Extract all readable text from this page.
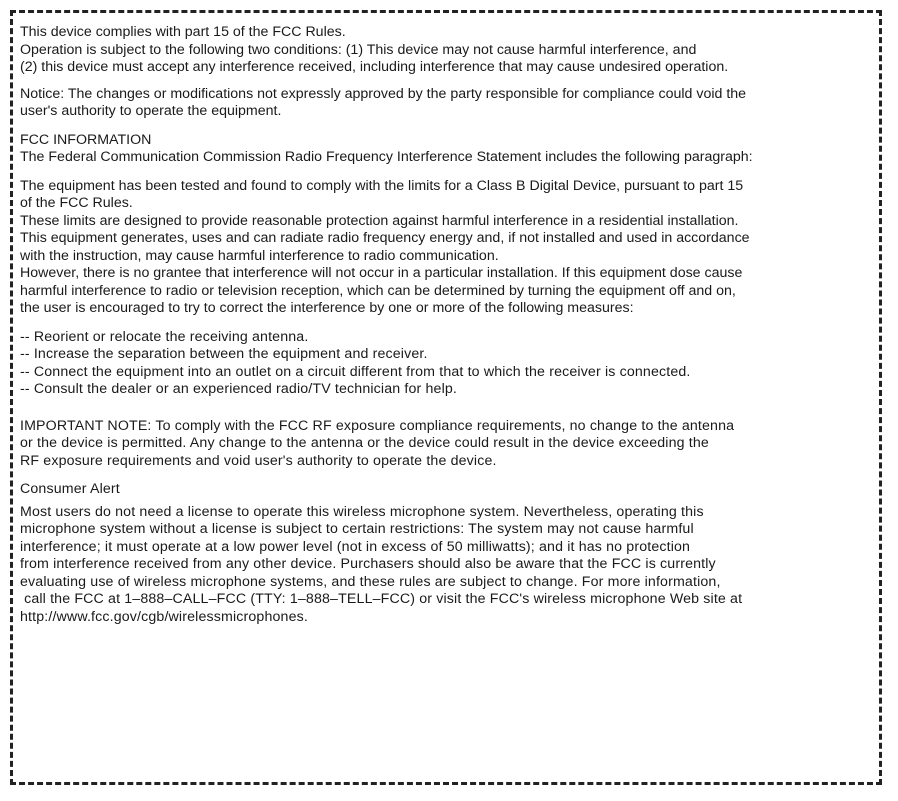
This device complies with part 15 of the FCC Rules.

Operation is subject to the following two conditions: (1) This device may not cause harmful interference, and

(2) this device must accept any interference received, including interference that may cause undesired operation.

Notice: The changes or modifications not expressly approved by the party responsible for compliance could void the

user's authority to operate the equipment.

FCC INFORMATION

The Federal Communication Commission Radio Frequency Interference Statement includes the following paragraph:

The equipment has been tested and found to comply with the limits for a Class B Digital Device, pursuant to part 15

of the FCC Rules.

These limits are designed to provide reasonable protection against harmful interference in a residential installation.

This equipment generates, uses and can radiate radio frequency energy and, if not installed and used in accordance

with the instruction, may cause harmful interference to radio communication.

However, there is no grantee that interference will not occur in a particular installation. If this equipment dose cause

harmful interference to radio or television reception, which can be determined by turning the equipment off and on,

the user is encouraged to try to correct the interference by one or more of the following measures:

-- Reorient or relocate the receiving antenna.

-- Increase the separation between the equipment and receiver.

-- Connect the equipment into an outlet on a circuit different from that to which the receiver is connected.

-- Consult the dealer or an experienced radio/TV technician for help.

IMPORTANT NOTE: To comply with the FCC RF exposure compliance requirements, no change to the antenna

or the device is permitted. Any change to the antenna or the device could result in the device exceeding the

RF exposure requirements and void user's authority to operate the device.

Consumer Alert

Most users do not need a license to operate this wireless microphone system. Nevertheless, operating this

microphone system without a license is subject to certain restrictions: The system may not cause harmful

interference; it must operate at a low power level (not in excess of 50 milliwatts); and it has no protection

from interference received from any other device. Purchasers should also be aware that the FCC is currently

evaluating use of wireless microphone systems, and these rules are subject to change. For more information,

call the FCC at 1–888–CALL–FCC (TTY: 1–888–TELL–FCC) or visit the FCC's wireless microphone Web site at

http://www.fcc.gov/cgb/wirelessmicrophones.
